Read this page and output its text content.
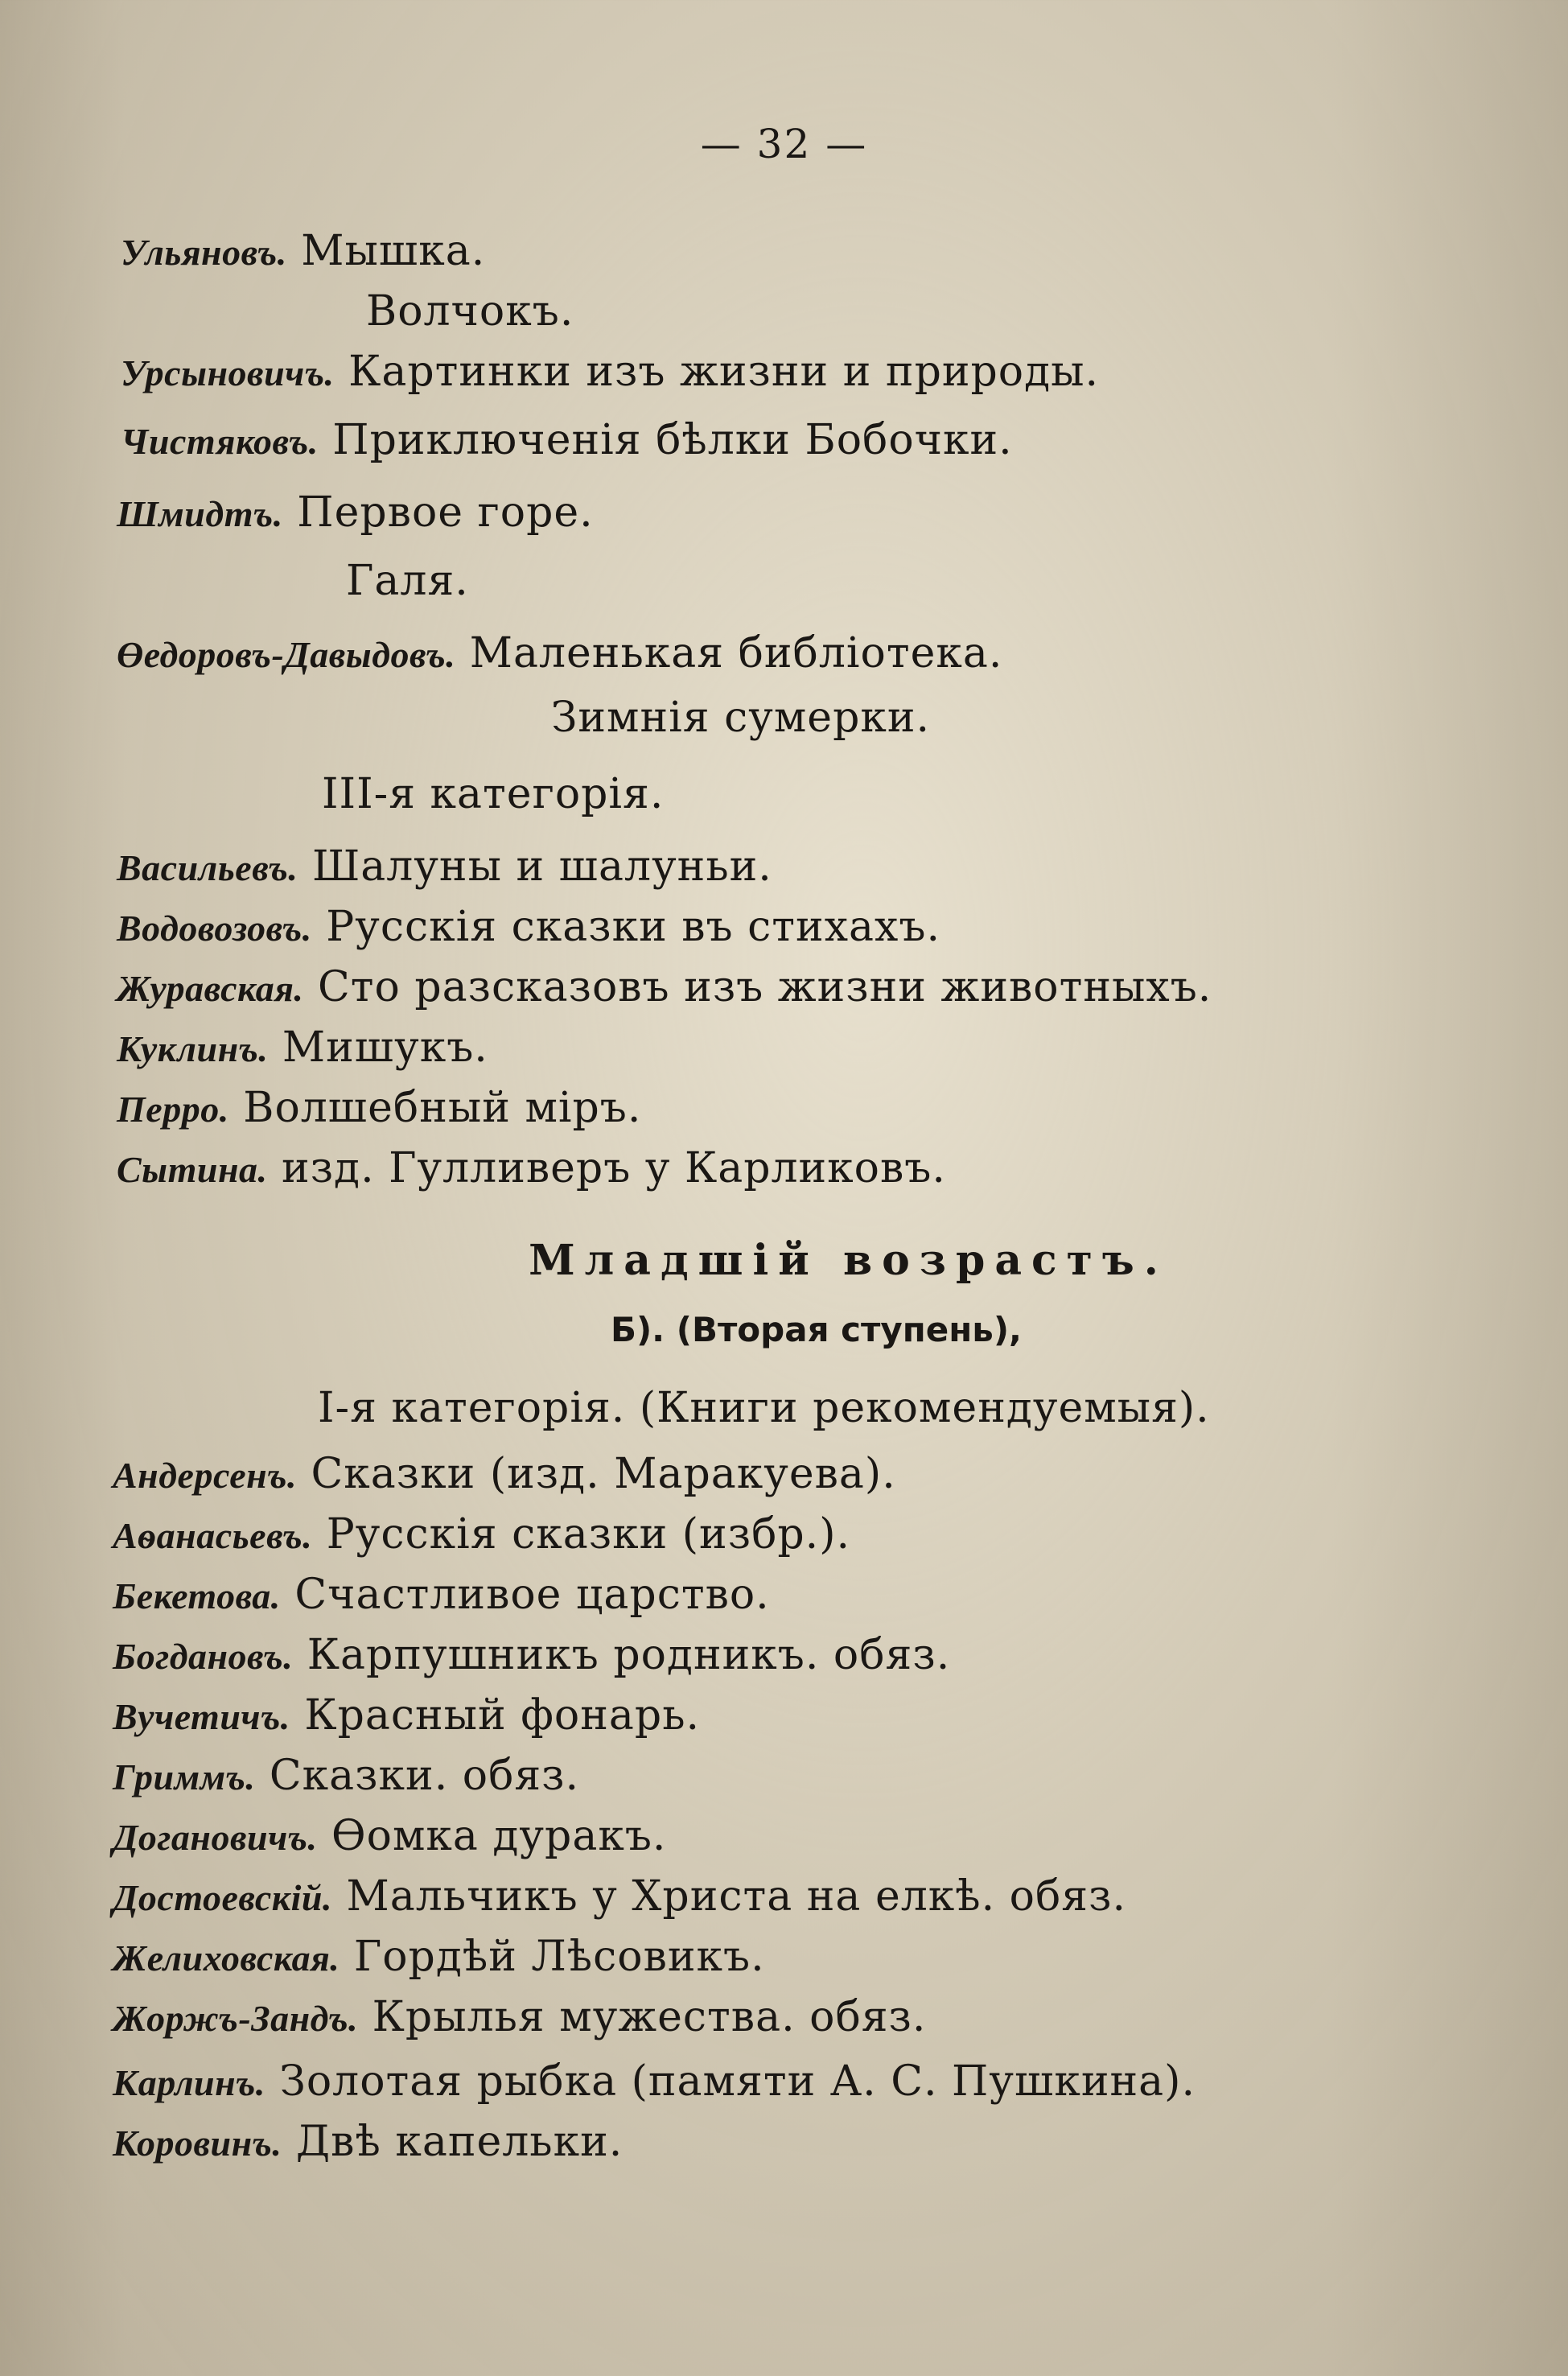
— 32 —
Ульяновъ. Мышка.
Волчокъ.
Урсыновичъ. Картинки изъ жизни и природы.
Чистяковъ. Приключенія бѣлки Бобочки.
Шмидтъ. Первое горе.
Галя.
Өедоровъ-Давыдовъ. Маленькая библіотека.
Зимнія сумерки.
III-я категорія.
Васильевъ. Шалуны и шалуньи.
Водовозовъ. Русскія сказки въ стихахъ.
Журавская. Сто разсказовъ изъ жизни животныхъ.
Куклинъ. Мишукъ.
Перро. Волшебный міръ.
Сытина. изд. Гулливеръ у Карликовъ.
Младшій возрастъ.
Б). (Вторая ступень),
I-я категорія. (Книги рекомендуемыя).
Андерсенъ. Сказки (изд. Маракуева).
Аѳанасьевъ. Русскія сказки (избр.).
Бекетова. Счастливое царство.
Богдановъ. Карпушникъ родникъ. обяз.
Вучетичъ. Красный фонарь.
Гриммъ. Сказки. обяз.
Догановичъ. Өомка дуракъ.
Достоевскій. Мальчикъ у Христа на елкѣ. обяз.
Желиховская. Гордѣй Лѣсовикъ.
Жоржъ-Зандъ. Крылья мужества. обяз.
Карлинъ. Золотая рыбка (памяти А. С. Пушкина).
Коровинъ. Двѣ капельки.
